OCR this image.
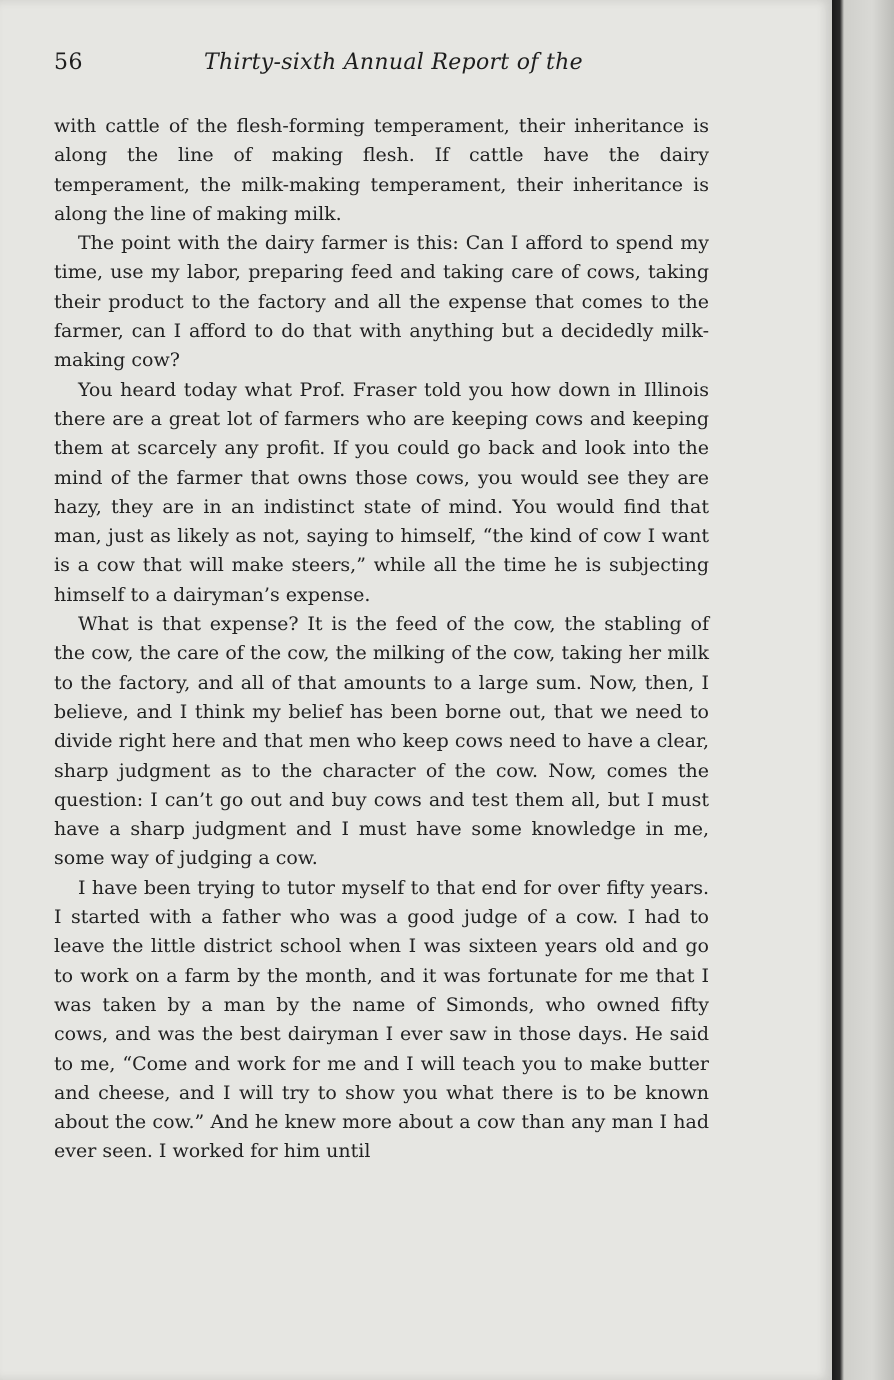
56	Thirty-sixth Annual Report of the

with cattle of the flesh-forming temperament, their inheritance is along the line of making flesh. If cattle have the dairy temperament, the milk-making temperament, their inheritance is along the line of making milk.

The point with the dairy farmer is this: Can I afford to spend my time, use my labor, preparing feed and taking care of cows, taking their product to the factory and all the expense that comes to the farmer, can I afford to do that with anything but a decidedly milk-making cow?

You heard today what Prof. Fraser told you how down in Illinois there are a great lot of farmers who are keeping cows and keeping them at scarcely any profit. If you could go back and look into the mind of the farmer that owns those cows, you would see they are hazy, they are in an indistinct state of mind. You would find that man, just as likely as not, saying to himself, “the kind of cow I want is a cow that will make steers,” while all the time he is subjecting himself to a dairyman’s expense.

What is that expense? It is the feed of the cow, the stabling of the cow, the care of the cow, the milking of the cow, taking her milk to the factory, and all of that amounts to a large sum. Now, then, I believe, and I think my belief has been borne out, that we need to divide right here and that men who keep cows need to have a clear, sharp judgment as to the character of the cow. Now, comes the question: I can’t go out and buy cows and test them all, but I must have a sharp judgment and I must have some knowledge in me, some way of judging a cow.

I have been trying to tutor myself to that end for over fifty years. I started with a father who was a good judge of a cow. I had to leave the little district school when I was sixteen years old and go to work on a farm by the month, and it was fortunate for me that I was taken by a man by the name of Simonds, who owned fifty cows, and was the best dairyman I ever saw in those days. He said to me, “Come and work for me and I will teach you to make butter and cheese, and I will try to show you what there is to be known about the cow.” And he knew more about a cow than any man I had ever seen. I worked for him until
